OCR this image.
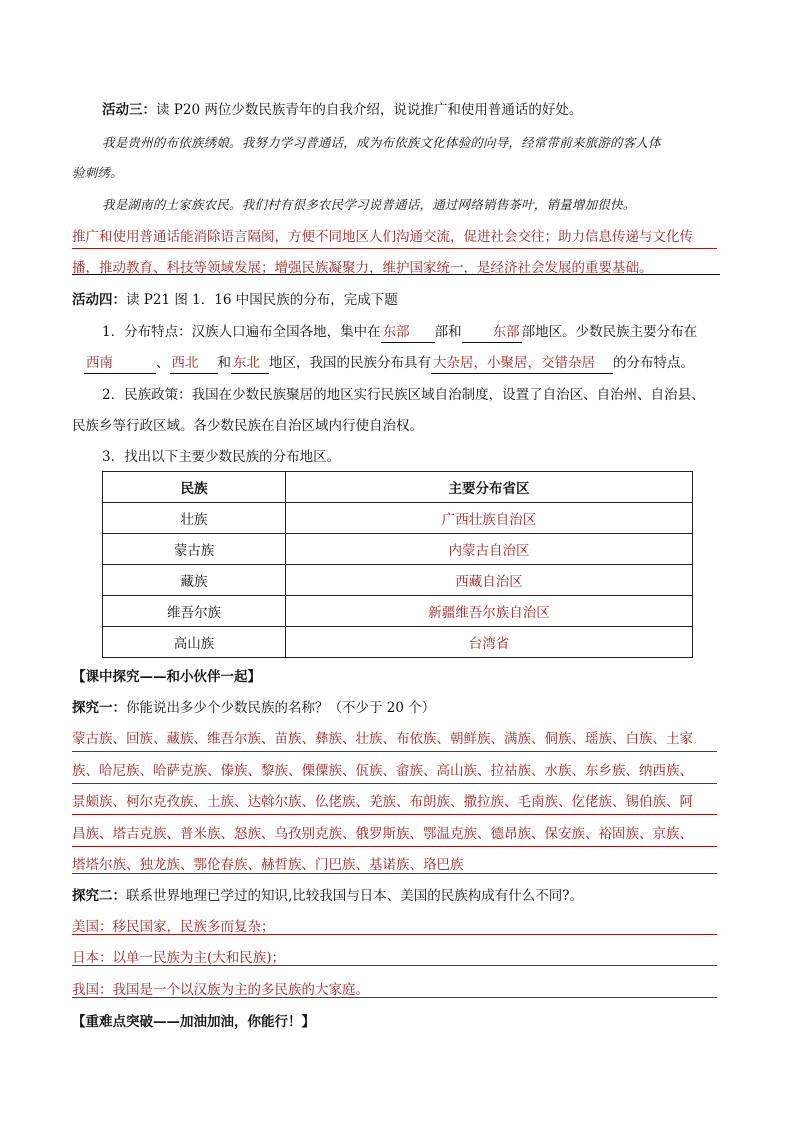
活动三：读 P20 两位少数民族青年的自我介绍，说说推广和使用普通话的好处。
我是贵州的布依族绣娘。我努力学习普通话，成为布依族文化体验的向导，经常带前来旅游的客人体
验刺绣。
我是湖南的土家族农民。我们村有很多农民学习说普通话，通过网络销售茶叶，销量增加很快。
推广和使用普通话能消除语言隔阂，方便不同地区人们沟通交流，促进社会交往；助力信息传递与文化传
播，推动教育、科技等领域发展；增强民族凝聚力，维护国家统一，是经济社会发展的重要基础。
活动四：读 P21 图 1．16 中国民族的分布，完成下题
1．分布特点：汉族人口遍布全国各地，集中在 东部 部和 东部 部地区。少数民族主要分布在
西南	、 西北 和 东北 地区，我国的民族分布具有 大杂居，小聚居，交错杂居 的分布特点。
2．民族政策：我国在少数民族聚居的地区实行民族区域自治制度，设置了自治区、自治州、自治县、
民族乡等行政区域。各少数民族在自治区域内行使自治权。
3．找出以下主要少数民族的分布地区。
民族	主要分布省区
壮族	广西壮族自治区
蒙古族	内蒙古自治区
藏族	西藏自治区
维吾尔族	新疆维吾尔族自治区
高山族	台湾省
【课中探究——和小伙伴一起】
探究一：你能说出多少个少数民族的名称？（不少于 20 个）
蒙古族、回族、藏族、维吾尔族、苗族、彝族、壮族、布依族、朝鲜族、满族、侗族、瑶族、白族、土家
族、哈尼族、哈萨克族、傣族、黎族、傈僳族、佤族、畲族、高山族、拉祜族、水族、东乡族、纳西族、
景颇族、柯尔克孜族、土族、达斡尔族、仫佬族、羌族、布朗族、撒拉族、毛南族、仡佬族、锡伯族、阿
昌族、塔吉克族、普米族、怒族、乌孜别克族、俄罗斯族、鄂温克族、德昂族、保安族、裕固族、京族、
塔塔尔族、独龙族、鄂伦春族、赫哲族、门巴族、基诺族、珞巴族
探究二：联系世界地理已学过的知识,比较我国与日本、美国的民族构成有什么不同?。
美国：移民国家，民族多而复杂；
日本：以单一民族为主(大和民族)；
我国：我国是一个以汉族为主的多民族的大家庭。
【重难点突破——加油加油，你能行！】
